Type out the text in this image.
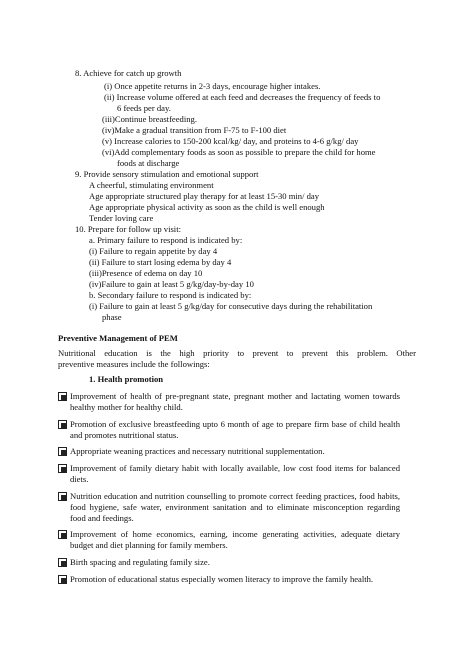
8. Achieve for catch up growth
(i) Once appetite returns in 2-3 days, encourage higher intakes.
(ii) Increase volume offered at each feed and decreases the frequency of feeds to
6 feeds per day.
(iii)Continue breastfeeding.
(iv)Make a gradual transition from F-75 to F-100 diet
(v) Increase calories to 150-200 kcal/kg/ day, and proteins to 4-6 g/kg/ day
(vi)Add complementary foods as soon as possible to prepare the child for home
foods at discharge
9. Provide sensory stimulation and emotional support
A cheerful, stimulating environment
Age appropriate structured play therapy for at least 15-30 min/ day
Age appropriate physical activity as soon as the child is well enough
Tender loving care
10. Prepare for follow up visit:
a. Primary failure to respond is indicated by:
(i) Failure to regain appetite by day 4
(ii) Failure to start losing edema by day 4
(iii)Presence of edema on day 10
(iv)Failure to gain at least 5 g/kg/day-by-day 10
b. Secondary failure to respond is indicated by:
(i) Failure to gain at least 5 g/kg/day for consecutive days during the rehabilitation
phase
Preventive Management of PEM
Nutritional education is the high priority to prevent to prevent this problem. Other
preventive measures include the followings:
1. Health promotion
Improvement of health of pre-pregnant state, pregnant mother and lactating women towards healthy mother for healthy child.
Promotion of exclusive breastfeeding upto 6 month of age to prepare firm base of child health and promotes nutritional status.
Appropriate weaning practices and necessary nutritional supplementation.
Improvement of family dietary habit with locally available, low cost food items for balanced diets.
Nutrition education and nutrition counselling to promote correct feeding practices, food habits, food hygiene, safe water, environment sanitation and to eliminate misconception regarding food and feedings.
Improvement of home economics, earning, income generating activities, adequate dietary budget and diet planning for family members.
Birth spacing and regulating family size.
Promotion of educational status especially women literacy to improve the family health.
